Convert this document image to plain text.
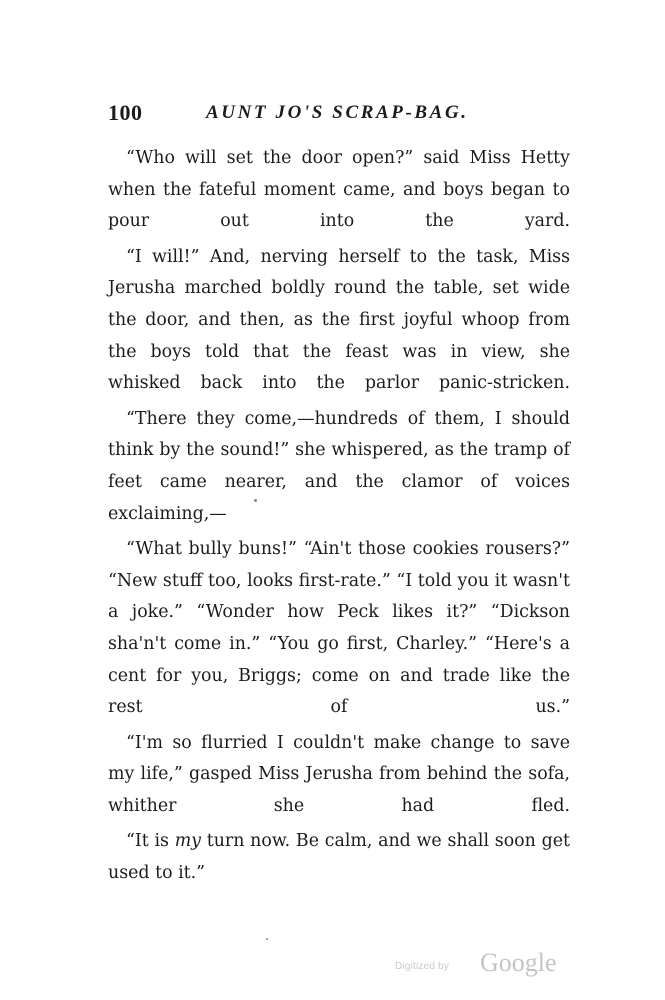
100	AUNT JO'S SCRAP-BAG.

“Who will set the door open?” said Miss Hetty when the fateful moment came, and boys began to pour out into the yard.

“I will!” And, nerving herself to the task, Miss Jerusha marched boldly round the table, set wide the door, and then, as the first joyful whoop from the boys told that the feast was in view, she whisked back into the parlor panic-stricken.

“There they come,—hundreds of them, I should think by the sound!” she whispered, as the tramp of feet came nearer, and the clamor of voices exclaiming,—

“What bully buns!” “Ain't those cookies rousers?” “New stuff too, looks first-rate.” “I told you it wasn't a joke.” “Wonder how Peck likes it?” “Dickson sha'n't come in.” “You go first, Charley.” “Here's a cent for you, Briggs; come on and trade like the rest of us.”

“I'm so flurried I couldn't make change to save my life,” gasped Miss Jerusha from behind the sofa, whither she had fled.

“It is my turn now. Be calm, and we shall soon get used to it.”

Digitized by Google
